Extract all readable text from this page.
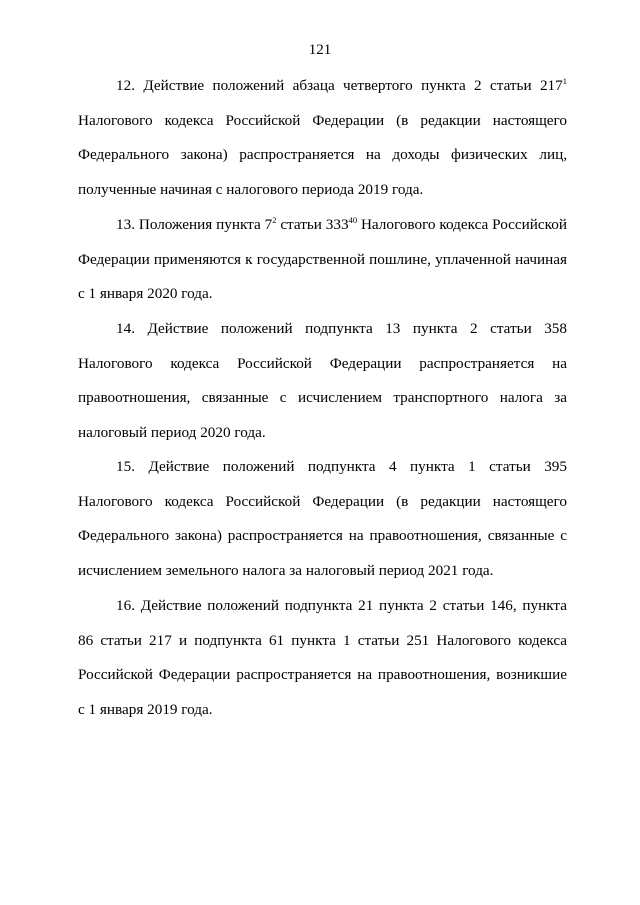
121

12. Действие положений абзаца четвертого пункта 2 статьи $217^1$ Налогового кодекса Российской Федерации (в редакции настоящего Федерального закона) распространяется на доходы физических лиц, полученные начиная с налогового периода 2019 года.

13. Положения пункта $7^2$ статьи $333^{40}$ Налогового кодекса Российской Федерации применяются к государственной пошлине, уплаченной начиная с 1 января 2020 года.

14. Действие положений подпункта 13 пункта 2 статьи 358 Налогового кодекса Российской Федерации распространяется на правоотношения, связанные с исчислением транспортного налога за налоговый период 2020 года.

15. Действие положений подпункта 4 пункта 1 статьи 395 Налогового кодекса Российской Федерации (в редакции настоящего Федерального закона) распространяется на правоотношения, связанные с исчислением земельного налога за налоговый период 2021 года.

16. Действие положений подпункта 21 пункта 2 статьи 146, пункта 86 статьи 217 и подпункта 61 пункта 1 статьи 251 Налогового кодекса Российской Федерации распространяется на правоотношения, возникшие с 1 января 2019 года.
